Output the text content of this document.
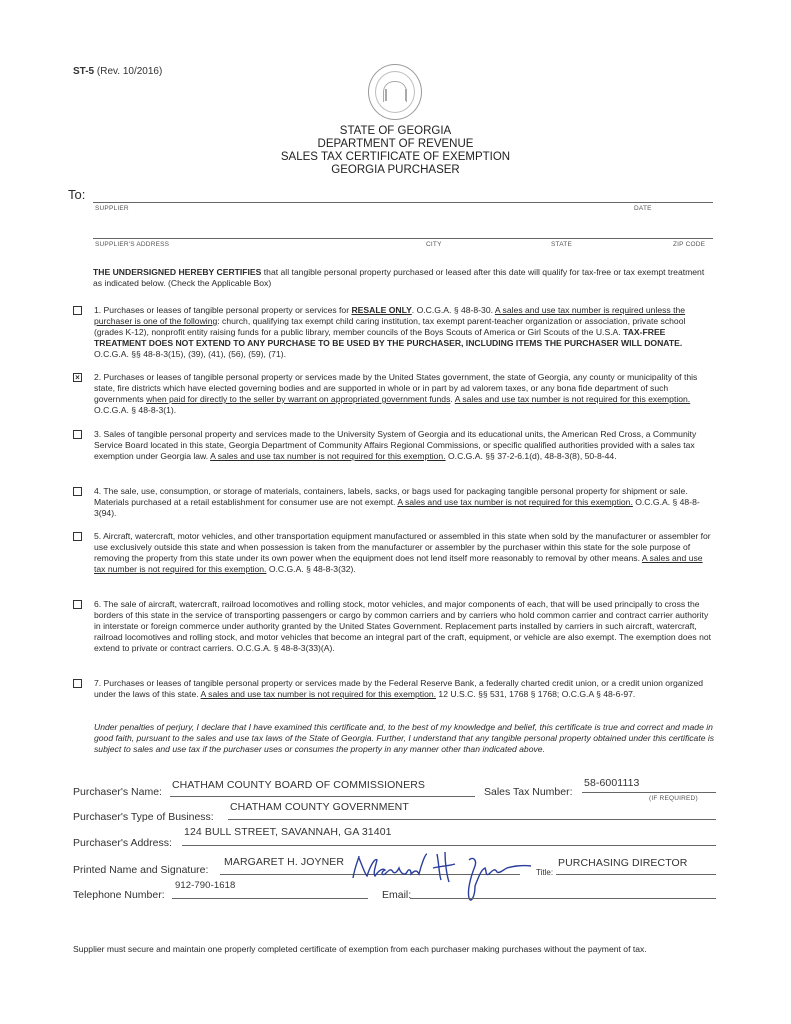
ST-5 (Rev. 10/2016)
STATE OF GEORGIA
DEPARTMENT OF REVENUE
SALES TAX CERTIFICATE OF EXEMPTION
GEORGIA PURCHASER
To:
SUPPLIER	DATE
SUPPLIER'S ADDRESS	CITY	STATE	ZIP CODE
THE UNDERSIGNED HEREBY CERTIFIES that all tangible personal property purchased or leased after this date will qualify for tax-free or tax exempt treatment as indicated below. (Check the Applicable Box)
1. Purchases or leases of tangible personal property or services for RESALE ONLY. O.C.G.A. § 48-8-30. A sales and use tax number is required unless the purchaser is one of the following: church, qualifying tax exempt child caring institution, tax exempt parent-teacher organization or association, private school (grades K-12), nonprofit entity raising funds for a public library, member councils of the Boys Scouts of America or Girl Scouts of the U.S.A. TAX-FREE TREATMENT DOES NOT EXTEND TO ANY PURCHASE TO BE USED BY THE PURCHASER, INCLUDING ITEMS THE PURCHASER WILL DONATE. O.C.G.A. §§ 48-8-3(15), (39), (41), (56), (59), (71).
× 2. Purchases or leases of tangible personal property or services made by the United States government, the state of Georgia, any county or municipality of this state, fire districts which have elected governing bodies and are supported in whole or in part by ad valorem taxes, or any bona fide department of such governments when paid for directly to the seller by warrant on appropriated government funds. A sales and use tax number is not required for this exemption. O.C.G.A. § 48-8-3(1).
3. Sales of tangible personal property and services made to the University System of Georgia and its educational units, the American Red Cross, a Community Service Board located in this state, Georgia Department of Community Affairs Regional Commissions, or specific qualified authorities provided with a sales tax exemption under Georgia law. A sales and use tax number is not required for this exemption. O.C.G.A. §§ 37-2-6.1(d), 48-8-3(8), 50-8-44.
4. The sale, use, consumption, or storage of materials, containers, labels, sacks, or bags used for packaging tangible personal property for shipment or sale. Materials purchased at a retail establishment for consumer use are not exempt. A sales and use tax number is not required for this exemption. O.C.G.A. § 48-8-3(94).
5. Aircraft, watercraft, motor vehicles, and other transportation equipment manufactured or assembled in this state when sold by the manufacturer or assembler for use exclusively outside this state and when possession is taken from the manufacturer or assembler by the purchaser within this state for the sole purpose of removing the property from this state under its own power when the equipment does not lend itself more reasonably to removal by other means. A sales and use tax number is not required for this exemption. O.C.G.A. § 48-8-3(32).
6. The sale of aircraft, watercraft, railroad locomotives and rolling stock, motor vehicles, and major components of each, that will be used principally to cross the borders of this state in the service of transporting passengers or cargo by common carriers and by carriers who hold common carrier and contract carrier authority in interstate or foreign commerce under authority granted by the United States Government. Replacement parts installed by carriers in such aircraft, watercraft, railroad locomotives and rolling stock, and motor vehicles that become an integral part of the craft, equipment, or vehicle are also exempt. The exemption does not extend to private or contract carriers. O.C.G.A. § 48-8-3(33)(A).
7. Purchases or leases of tangible personal property or services made by the Federal Reserve Bank, a federally charted credit union, or a credit union organized under the laws of this state. A sales and use tax number is not required for this exemption. 12 U.S.C. §§ 531, 1768 § 1768; O.C.G.A § 48-6-97.
Under penalties of perjury, I declare that I have examined this certificate and, to the best of my knowledge and belief, this certificate is true and correct and made in good faith, pursuant to the sales and use tax laws of the State of Georgia. Further, I understand that any tangible personal property obtained under this certificate is subject to sales and use tax if the purchaser uses or consumes the property in any manner other than indicated above.
Purchaser's Name:
CHATHAM COUNTY BOARD OF COMMISSIONERS
Sales Tax Number:
58-6001113
(IF REQUIRED)
Purchaser's Type of Business:
CHATHAM COUNTY GOVERNMENT
Purchaser's Address:
124 BULL STREET, SAVANNAH, GA 31401
Printed Name and Signature:
MARGARET H. JOYNER
Title:
PURCHASING DIRECTOR
Telephone Number:
912-790-1618
Email:
Supplier must secure and maintain one properly completed certificate of exemption from each purchaser making purchases without the payment of tax.
